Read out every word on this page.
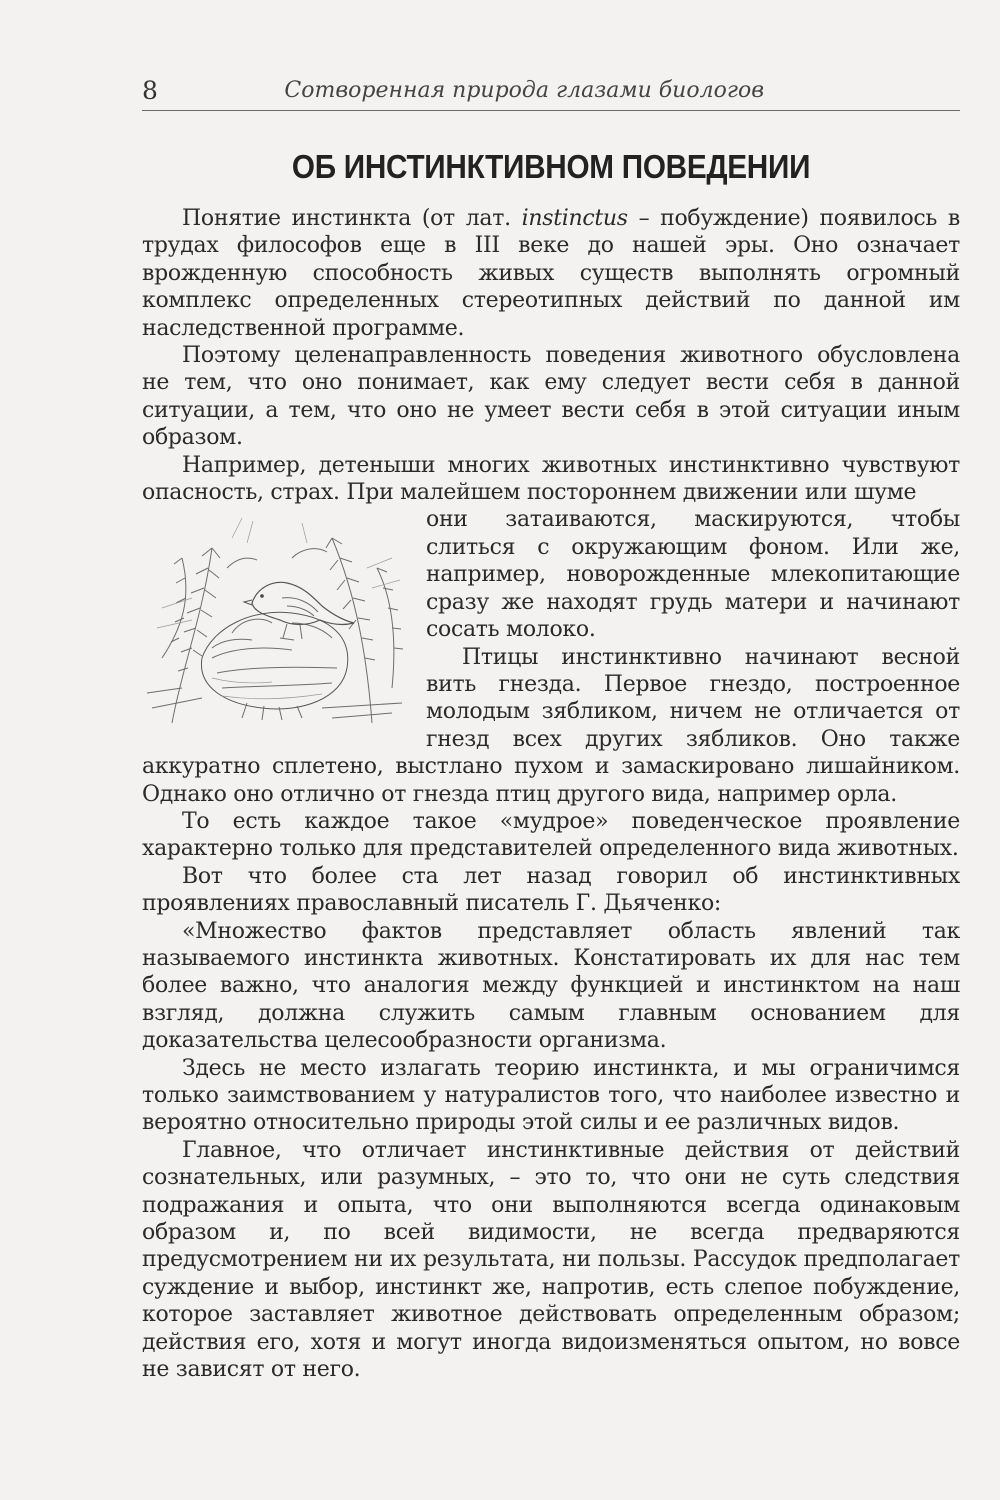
8	Сотворенная природа глазами биологов
ОБ ИНСТИНКТИВНОМ ПОВЕДЕНИИ

Понятие инстинкта (от лат. instinctus – побуждение) появилось в трудах философов еще в III веке до нашей эры. Оно означает врожденную способность живых существ выполнять огромный комплекс определенных стереотипных действий по данной им наследственной программе.

Поэтому целенаправленность поведения животного обусловлена не тем, что оно понимает, как ему следует вести себя в данной ситуации, а тем, что оно не умеет вести себя в этой ситуации иным образом.

Например, детеныши многих животных инстинктивно чувствуют опасность, страх. При малейшем постороннем движении или шуме

они затаиваются, маскируются, чтобы слиться с окружающим фоном. Или же, например, новорожденные млекопитающие сразу же находят грудь матери и начинают сосать молоко.

Птицы инстинктивно начинают весной вить гнезда. Первое гнездо, построенное молодым зябликом, ничем не отличается от гнезд всех других зябликов. Оно также аккуратно сплетено, выстлано пухом и замаскировано лишайником. Однако оно отлично от гнезда птиц другого вида, например орла.

То есть каждое такое «мудрое» поведенческое проявление характерно только для представителей определенного вида животных.

Вот что более ста лет назад говорил об инстинктивных проявлениях православный писатель Г. Дьяченко:

«Множество фактов представляет область явлений так называемого инстинкта животных. Констатировать их для нас тем более важно, что аналогия между функцией и инстинктом на наш взгляд, должна служить самым главным основанием для доказательства целесообразности организма.

Здесь не место излагать теорию инстинкта, и мы ограничимся только заимствованием у натуралистов того, что наиболее известно и вероятно относительно природы этой силы и ее различных видов.

Главное, что отличает инстинктивные действия от действий сознательных, или разумных, – это то, что они не суть следствия подражания и опыта, что они выполняются всегда одинаковым образом и, по всей видимости, не всегда предваряются предусмотрением ни их результата, ни пользы. Рассудок предполагает суждение и выбор, инстинкт же, напротив, есть слепое побуждение, которое заставляет животное действовать определенным образом; действия его, хотя и могут иногда видоизменяться опытом, но вовсе не зависят от него.
